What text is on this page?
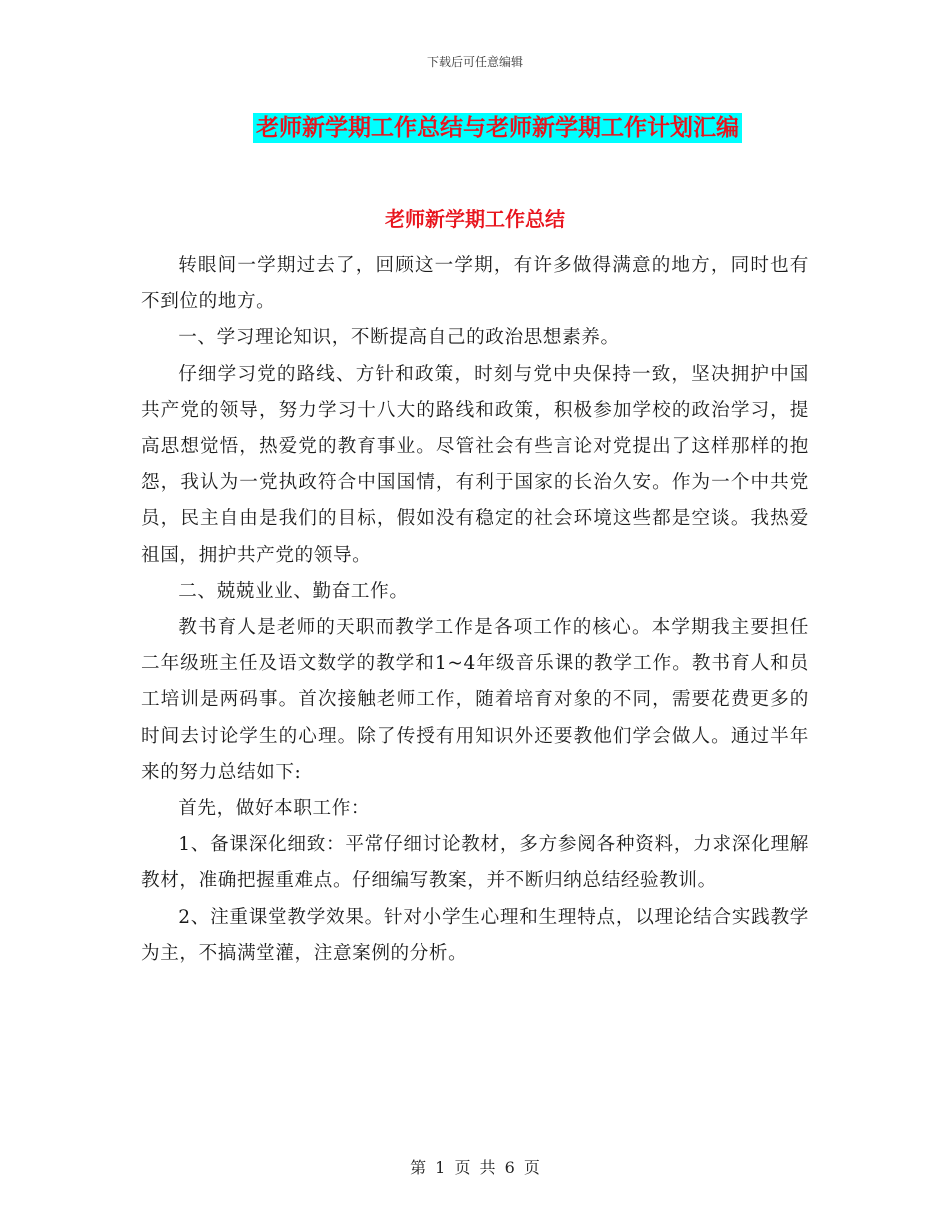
下载后可任意编辑
老师新学期工作总结与老师新学期工作计划汇编
老师新学期工作总结

转眼间一学期过去了，回顾这一学期，有许多做得满意的地方，同时也有不到位的地方。

一、学习理论知识，不断提高自己的政治思想素养。

仔细学习党的路线、方针和政策，时刻与党中央保持一致，坚决拥护中国共产党的领导，努力学习十八大的路线和政策，积极参加学校的政治学习，提高思想觉悟，热爱党的教育事业。尽管社会有些言论对党提出了这样那样的抱怨，我认为一党执政符合中国国情，有利于国家的长治久安。作为一个中共党员，民主自由是我们的目标，假如没有稳定的社会环境这些都是空谈。我热爱祖国，拥护共产党的领导。

二、兢兢业业、勤奋工作。

教书育人是老师的天职而教学工作是各项工作的核心。本学期我主要担任二年级班主任及语文数学的教学和1~4年级音乐课的教学工作。教书育人和员工培训是两码事。首次接触老师工作，随着培育对象的不同，需要花费更多的时间去讨论学生的心理。除了传授有用知识外还要教他们学会做人。通过半年来的努力总结如下:

首先，做好本职工作：

1、备课深化细致：平常仔细讨论教材，多方参阅各种资料，力求深化理解教材，准确把握重难点。仔细编写教案，并不断归纳总结经验教训。

2、注重课堂教学效果。针对小学生心理和生理特点，以理论结合实践教学为主，不搞满堂灌，注意案例的分析。

第 1 页 共 6 页
